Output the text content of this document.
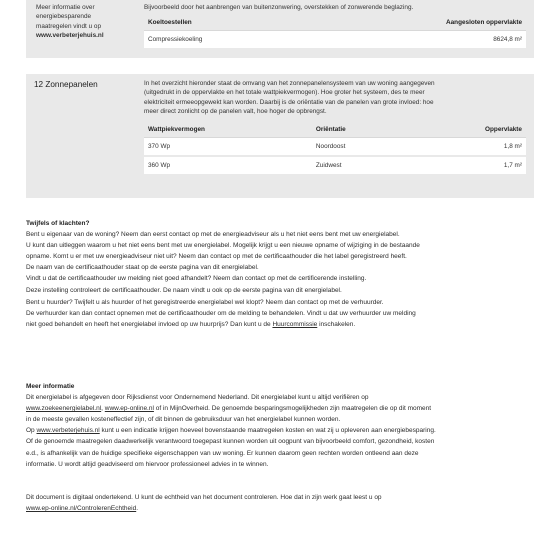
Meer informatie over
energiebesparende
maatregelen vindt u op
www.verbeterjehuis.nl
Bijvoorbeeld door het aanbrengen van buitenzonwering, overstekken of zonwerende beglazing.
Koeltoestellen	Aangesloten oppervlakte
Compressiekoeling	8624,8 m²
12 Zonnepanelen	In het overzicht hieronder staat de omvang van het zonnepanelensysteem van uw woning aangegeven
(uitgedrukt in de oppervlakte en het totale wattpiekvermogen). Hoe groter het systeem, des te meer
elektriciteit ermeeopgewekt kan worden. Daarbij is de oriëntatie van de panelen van grote invloed: hoe
meer direct zonlicht op de panelen valt, hoe hoger de opbrengst.
Wattpiekvermogen	Oriëntatie	Oppervlakte
370 Wp	Noordoost	1,8 m²
360 Wp	Zuidwest	1,7 m²
Twijfels of klachten?
Bent u eigenaar van de woning? Neem dan eerst contact op met de energieadviseur als u het niet eens bent met uw energielabel.
U kunt dan uitleggen waarom u het niet eens bent met uw energielabel. Mogelijk krijgt u een nieuwe opname of wijziging in de bestaande
opname. Komt u er met uw energieadviseur niet uit? Neem dan contact op met de certificaathouder die het label geregistreerd heeft.
De naam van de certificaathouder staat op de eerste pagina van dit energielabel.
Vindt u dat de certificaathouder uw melding niet goed afhandelt? Neem dan contact op met de certificerende instelling.
Deze instelling controleert de certificaathouder. De naam vindt u ook op de eerste pagina van dit energielabel.
Bent u huurder? Twijfelt u als huurder of het geregistreerde energielabel wel klopt? Neem dan contact op met de verhuurder.
De verhuurder kan dan contact opnemen met de certificaathouder om de melding te behandelen. Vindt u dat uw verhuurder uw melding
niet goed behandelt en heeft het energielabel invloed op uw huurprijs? Dan kunt u de Huurcommissie inschakelen.
Meer informatie
Dit energielabel is afgegeven door Rijksdienst voor Ondernemend Nederland. Dit energielabel kunt u altijd verifiëren op
www.zoekeenergielabel.nl, www.ep-online.nl of in MijnOverheid. De genoemde besparingsmogelijkheden zijn maatregelen die op dit moment
in de meeste gevallen kosteneffectief zijn, of dit binnen de gebruiksduur van het energielabel kunnen worden.
Op www.verbeterjehuis.nl kunt u een indicatie krijgen hoeveel bovenstaande maatregelen kosten en wat zij u opleveren aan energiebesparing.
Of de genoemde maatregelen daadwerkelijk verantwoord toegepast kunnen worden uit oogpunt van bijvoorbeeld comfort, gezondheid, kosten
e.d., is afhankelijk van de huidige specifieke eigenschappen van uw woning. Er kunnen daarom geen rechten worden ontleend aan deze
informatie. U wordt altijd geadviseerd om hiervoor professioneel advies in te winnen.
Dit document is digitaal ondertekend. U kunt de echtheid van het document controleren. Hoe dat in zijn werk gaat leest u op
www.ep-online.nl/ControlerenEchtheid.
